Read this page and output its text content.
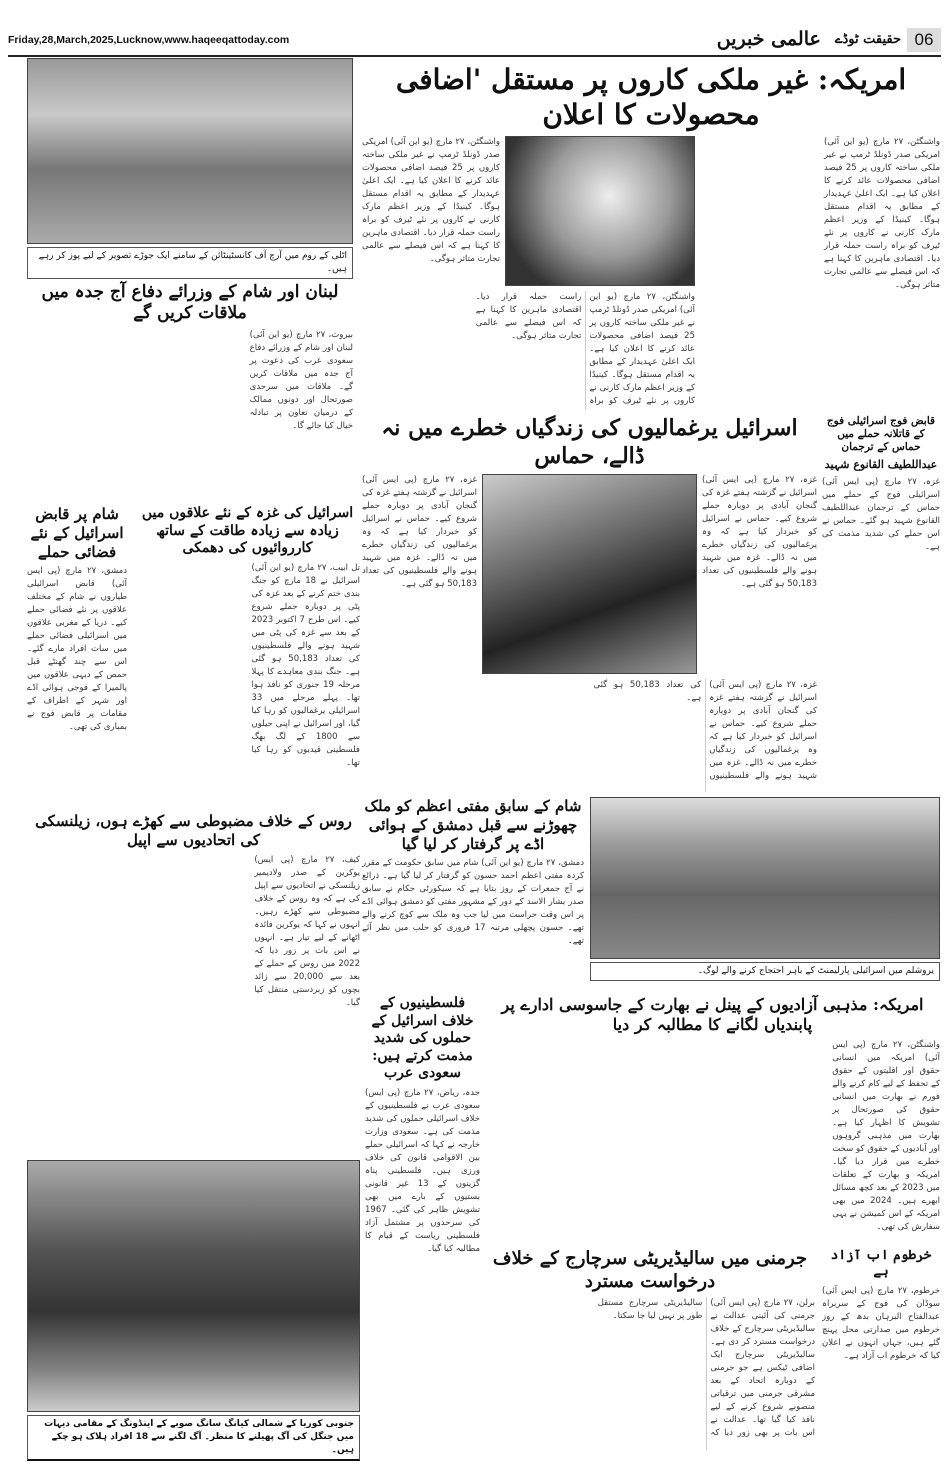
Friday,28,March,2025,Lucknow,www.haqeeqattoday.com	عالمی خبریں حقیقت ٹوڈے 06
اٹلی کے روم میں آرچ آف کانسٹینٹائن کے سامنے ایک جوڑے تصویر کے لیے پوز کر رہے ہیں۔
لبنان اور شام کے وزرائے دفاع آج جدہ میں ملاقات کریں گے
بیروت، ۲۷ مارچ (یو این آئی) لبنان اور شام کے وزرائے دفاع سعودی عرب کی دعوت پر آج جدہ میں ملاقات کریں گے۔ ملاقات میں سرحدی صورتحال اور دونوں ممالک کے درمیان تعاون پر تبادلہ خیال کیا جائے گا۔
شام پر قابض اسرائیل کے نئے فضائی حملے
دمشق، ۲۷ مارچ (پی ایس آئی) قابض اسرائیلی طیاروں نے شام کے مختلف علاقوں پر نئے فضائی حملے کیے۔ دریا کے مغربی علاقوں میں اسرائیلی فضائی حملے میں سات افراد مارے گئے۔ اس سے چند گھنٹے قبل حمص کے دیہی علاقوں میں پالمیرا کے فوجی ہوائی اڈے اور شہر کے اطراف کے مقامات پر قابض فوج نے بمباری کی تھی۔
اسرائیل کی غزہ کے نئے علاقوں میں زیادہ سے زیادہ طاقت کے ساتھ کارروائیوں کی دھمکی
تل ابیب، ۲۷ مارچ (یو این آئی) اسرائیل نے 18 مارچ کو جنگ بندی ختم کرنے کے بعد غزہ کی پٹی پر دوبارہ حملے شروع کیے۔ اس طرح 7 اکتوبر 2023 کے بعد سے غزہ کی پٹی میں شہید ہونے والے فلسطینیوں کی تعداد 50,183 ہو گئی ہے۔ جنگ بندی معاہدے کا پہلا مرحلہ 19 جنوری کو نافذ ہوا تھا۔ پہلے مرحلے میں 33 اسرائیلی یرغمالیوں کو رہا کیا گیا، اور اسرائیل نے اپنی جیلوں سے 1800 کے لگ بھگ فلسطینی قیدیوں کو رہا کیا تھا۔
روس کے خلاف مضبوطی سے کھڑے ہوں، زیلنسکی کی اتحادیوں سے اپیل
کیف، ۲۷ مارچ (پی ایس) یوکرین کے صدر ولادیمیر زیلنسکی نے اتحادیوں سے اپیل کی ہے کہ وہ روس کے خلاف مضبوطی سے کھڑے رہیں۔ انہوں نے کہا کہ یوکرین فائدہ اٹھانے کے لیے تیار ہے۔ انہوں نے اس بات پر زور دیا کہ 2022 میں روس کے حملے کے بعد سے 20,000 سے زائد بچوں کو زبردستی منتقل کیا گیا۔
جنوبی کوریا کے شمالی کیانگ سانگ صوبے کے اینڈونگ کے مقامی دیہات میں جنگل کی آگ پھیلنے کا منظر۔ آگ لگنے سے 18 افراد ہلاک ہو چکے ہیں۔
امریکہ: غیر ملکی کاروں پر مستقل 'اضافی محصولات کا اعلان
واشنگٹن، ۲۷ مارچ (یو این آئی) امریکی صدر ڈونلڈ ٹرمپ نے غیر ملکی ساختہ کاروں پر 25 فیصد اضافی محصولات عائد کرنے کا اعلان کیا ہے۔ ایک اعلیٰ عہدیدار کے مطابق یہ اقدام مستقل ہوگا۔ کینیڈا کے وزیر اعظم مارک کارنی نے کاروں پر نئے ٹیرف کو براہ راست حملہ قرار دیا۔ اقتصادی ماہرین کا کہنا ہے کہ اس فیصلے سے عالمی تجارت متاثر ہوگی۔
واشنگٹن، ۲۷ مارچ (یو این آئی) امریکی صدر ڈونلڈ ٹرمپ نے غیر ملکی ساختہ کاروں پر 25 فیصد اضافی محصولات عائد کرنے کا اعلان کیا ہے۔ ایک اعلیٰ عہدیدار کے مطابق یہ اقدام مستقل ہوگا۔ کینیڈا کے وزیر اعظم مارک کارنی نے کاروں پر نئے ٹیرف کو براہ راست حملہ قرار دیا۔ اقتصادی ماہرین کا کہنا ہے کہ اس فیصلے سے عالمی تجارت متاثر ہوگی۔
واشنگٹن، ۲۷ مارچ (یو این آئی) امریکی صدر ڈونلڈ ٹرمپ نے غیر ملکی ساختہ کاروں پر 25 فیصد اضافی محصولات عائد کرنے کا اعلان کیا ہے۔ ایک اعلیٰ عہدیدار کے مطابق یہ اقدام مستقل ہوگا۔ کینیڈا کے وزیر اعظم مارک کارنی نے کاروں پر نئے ٹیرف کو براہ راست حملہ قرار دیا۔ اقتصادی ماہرین کا کہنا ہے کہ اس فیصلے سے عالمی تجارت متاثر ہوگی۔
اسرائیل یرغمالیوں کی زندگیاں خطرے میں نہ ڈالے، حماس
غزہ، ۲۷ مارچ (پی ایس آئی) اسرائیل نے گزشتہ ہفتے غزہ کی گنجان آبادی پر دوبارہ حملے شروع کیے۔ حماس نے اسرائیل کو خبردار کیا ہے کہ وہ یرغمالیوں کی زندگیاں خطرے میں نہ ڈالے۔ غزہ میں شہید ہونے والے فلسطینیوں کی تعداد 50,183 ہو گئی ہے۔
غزہ، ۲۷ مارچ (پی ایس آئی) اسرائیل نے گزشتہ ہفتے غزہ کی گنجان آبادی پر دوبارہ حملے شروع کیے۔ حماس نے اسرائیل کو خبردار کیا ہے کہ وہ یرغمالیوں کی زندگیاں خطرے میں نہ ڈالے۔ غزہ میں شہید ہونے والے فلسطینیوں کی تعداد 50,183 ہو گئی ہے۔
غزہ، ۲۷ مارچ (پی ایس آئی) اسرائیل نے گزشتہ ہفتے غزہ کی گنجان آبادی پر دوبارہ حملے شروع کیے۔ حماس نے اسرائیل کو خبردار کیا ہے کہ وہ یرغمالیوں کی زندگیاں خطرے میں نہ ڈالے۔ غزہ میں شہید ہونے والے فلسطینیوں کی تعداد 50,183 ہو گئی ہے۔
قابض فوج اسرائیلی فوج کے قاتلانہ حملے میں حماس کے ترجمان
عبداللطیف القانوع شہید
غزہ، ۲۷ مارچ (پی ایس آئی) اسرائیلی فوج کے حملے میں حماس کے ترجمان عبداللطیف القانوع شہید ہو گئے۔ حماس نے اس حملے کی شدید مذمت کی ہے۔
شام کے سابق مفتی اعظم کو ملک چھوڑنے سے قبل دمشق کے ہوائی اڈے پر گرفتار کر لیا گیا
دمشق، ۲۷ مارچ (یو این آئی) شام میں سابق حکومت کے مقرر کردہ مفتی اعظم احمد حسون کو گرفتار کر لیا گیا ہے۔ ذرائع نے آج جمعرات کے روز بتایا ہے کہ سیکورٹی حکام نے سابق صدر بشار الاسد کے دور کے مشہور مفتی کو دمشق ہوائی اڈے پر اس وقت حراست میں لیا جب وہ ملک سے کوچ کرنے والے تھے۔ حسون پچھلی مرتبہ 17 فروری کو حلب میں نظر آئے تھے۔
یروشلم میں اسرائیلی پارلیمنٹ کے باہر احتجاج کرنے والے لوگ۔
امریکہ: مذہبی آزادیوں کے پینل نے بھارت کے جاسوسی ادارے پر پابندیاں لگانے کا مطالبہ کر دیا
واشنگٹن، ۲۷ مارچ (پی ایس آئی) امریکہ میں انسانی حقوق اور اقلیتوں کے حقوق کے تحفظ کے لیے کام کرنے والے فورم نے بھارت میں انسانی حقوق کی صورتحال پر تشویش کا اظہار کیا ہے۔ بھارت میں مذہبی گروہوں اور آبادیوں کے حقوق کو سخت خطرے میں قرار دیا گیا۔ امریکہ و بھارت کے تعلقات میں 2023 کے بعد کچھ مسائل ابھرے ہیں۔ 2024 میں بھی امریکہ کے اس کمیشن نے یہی سفارش کی تھی۔
فلسطینیوں کے خلاف اسرائیل کے حملوں کی شدید مذمت کرتے ہیں: سعودی عرب
جدہ، ریاض، ۲۷ مارچ (پی ایس) سعودی عرب نے فلسطینیوں کے خلاف اسرائیلی حملوں کی شدید مذمت کی ہے۔ سعودی وزارت خارجہ نے کہا کہ اسرائیلی حملے بین الاقوامی قانون کی خلاف ورزی ہیں۔ فلسطینی پناہ گزینوں کے 13 غیر قانونی بستیوں کے بارے میں بھی تشویش ظاہر کی گئی۔ 1967 کی سرحدوں پر مشتمل آزاد فلسطینی ریاست کے قیام کا مطالبہ کیا گیا۔ جرمنی میں سالیڈیریٹی سرچارج کے خلاف درخواست مسترد
برلن، ۲۷ مارچ (پی ایس آئی) جرمنی کی آئینی عدالت نے سالیڈیریٹی سرچارج کے خلاف درخواست مسترد کر دی ہے۔ سالیڈیریٹی سرچارج ایک اضافی ٹیکس ہے جو جرمنی کے دوبارہ اتحاد کے بعد مشرقی جرمنی میں ترقیاتی منصوبے شروع کرنے کے لیے نافذ کیا گیا تھا۔ عدالت نے اس بات پر بھی زور دیا کہ سالیڈیریٹی سرچارج مستقل طور پر نہیں لیا جا سکتا۔
خرطوم اب آزاد ہے
خرطوم، ۲۷ مارچ (پی ایس آئی) سوڈان کی فوج کے سربراہ عبدالفتاح البرہان بدھ کے روز خرطوم میں صدارتی محل پہنچ گئے ہیں، جہاں انہوں نے اعلان کیا کہ خرطوم اب آزاد ہے۔
